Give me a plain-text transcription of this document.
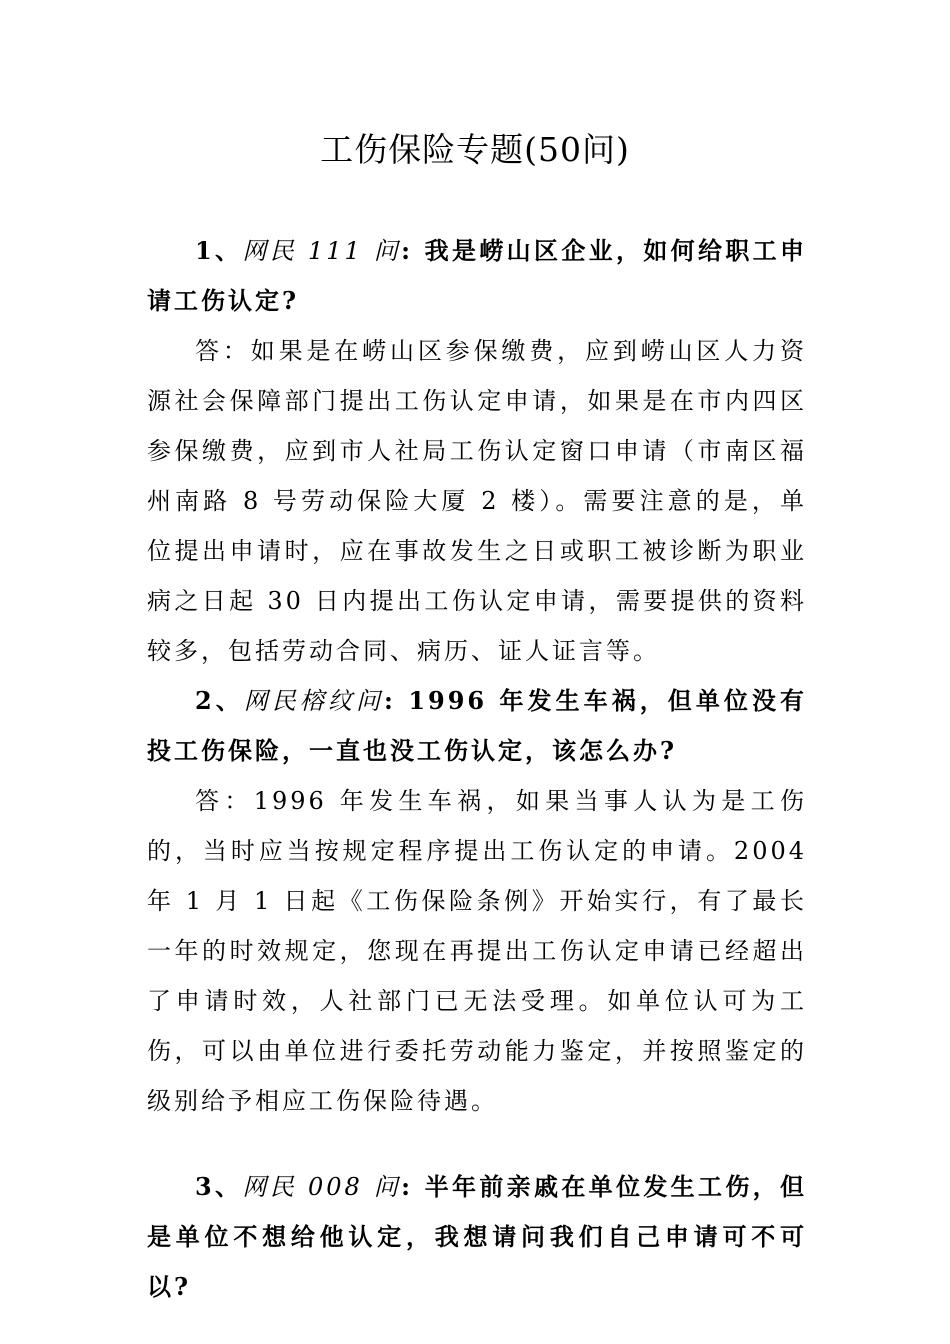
工伤保险专题(50问)

1、网民 111 问: 我是崂山区企业，如何给职工申请工伤认定?

答：如果是在崂山区参保缴费，应到崂山区人力资源社会保障部门提出工伤认定申请，如果是在市内四区参保缴费，应到市人社局工伤认定窗口申请（市南区福州南路 8 号劳动保险大厦 2 楼）。需要注意的是，单位提出申请时，应在事故发生之日或职工被诊断为职业病之日起 30 日内提出工伤认定申请，需要提供的资料较多，包括劳动合同、病历、证人证言等。

2、网民榕纹问: 1996 年发生车祸，但单位没有投工伤保险，一直也没工伤认定，该怎么办?

答：1996 年发生车祸，如果当事人认为是工伤的，当时应当按规定程序提出工伤认定的申请。2004 年 1 月 1 日起《工伤保险条例》开始实行，有了最长一年的时效规定，您现在再提出工伤认定申请已经超出了申请时效，人社部门已无法受理。如单位认可为工伤，可以由单位进行委托劳动能力鉴定，并按照鉴定的级别给予相应工伤保险待遇。

3、网民 008 问: 半年前亲戚在单位发生工伤，但是单位不想给他认定，我想请问我们自己申请可不可以?
